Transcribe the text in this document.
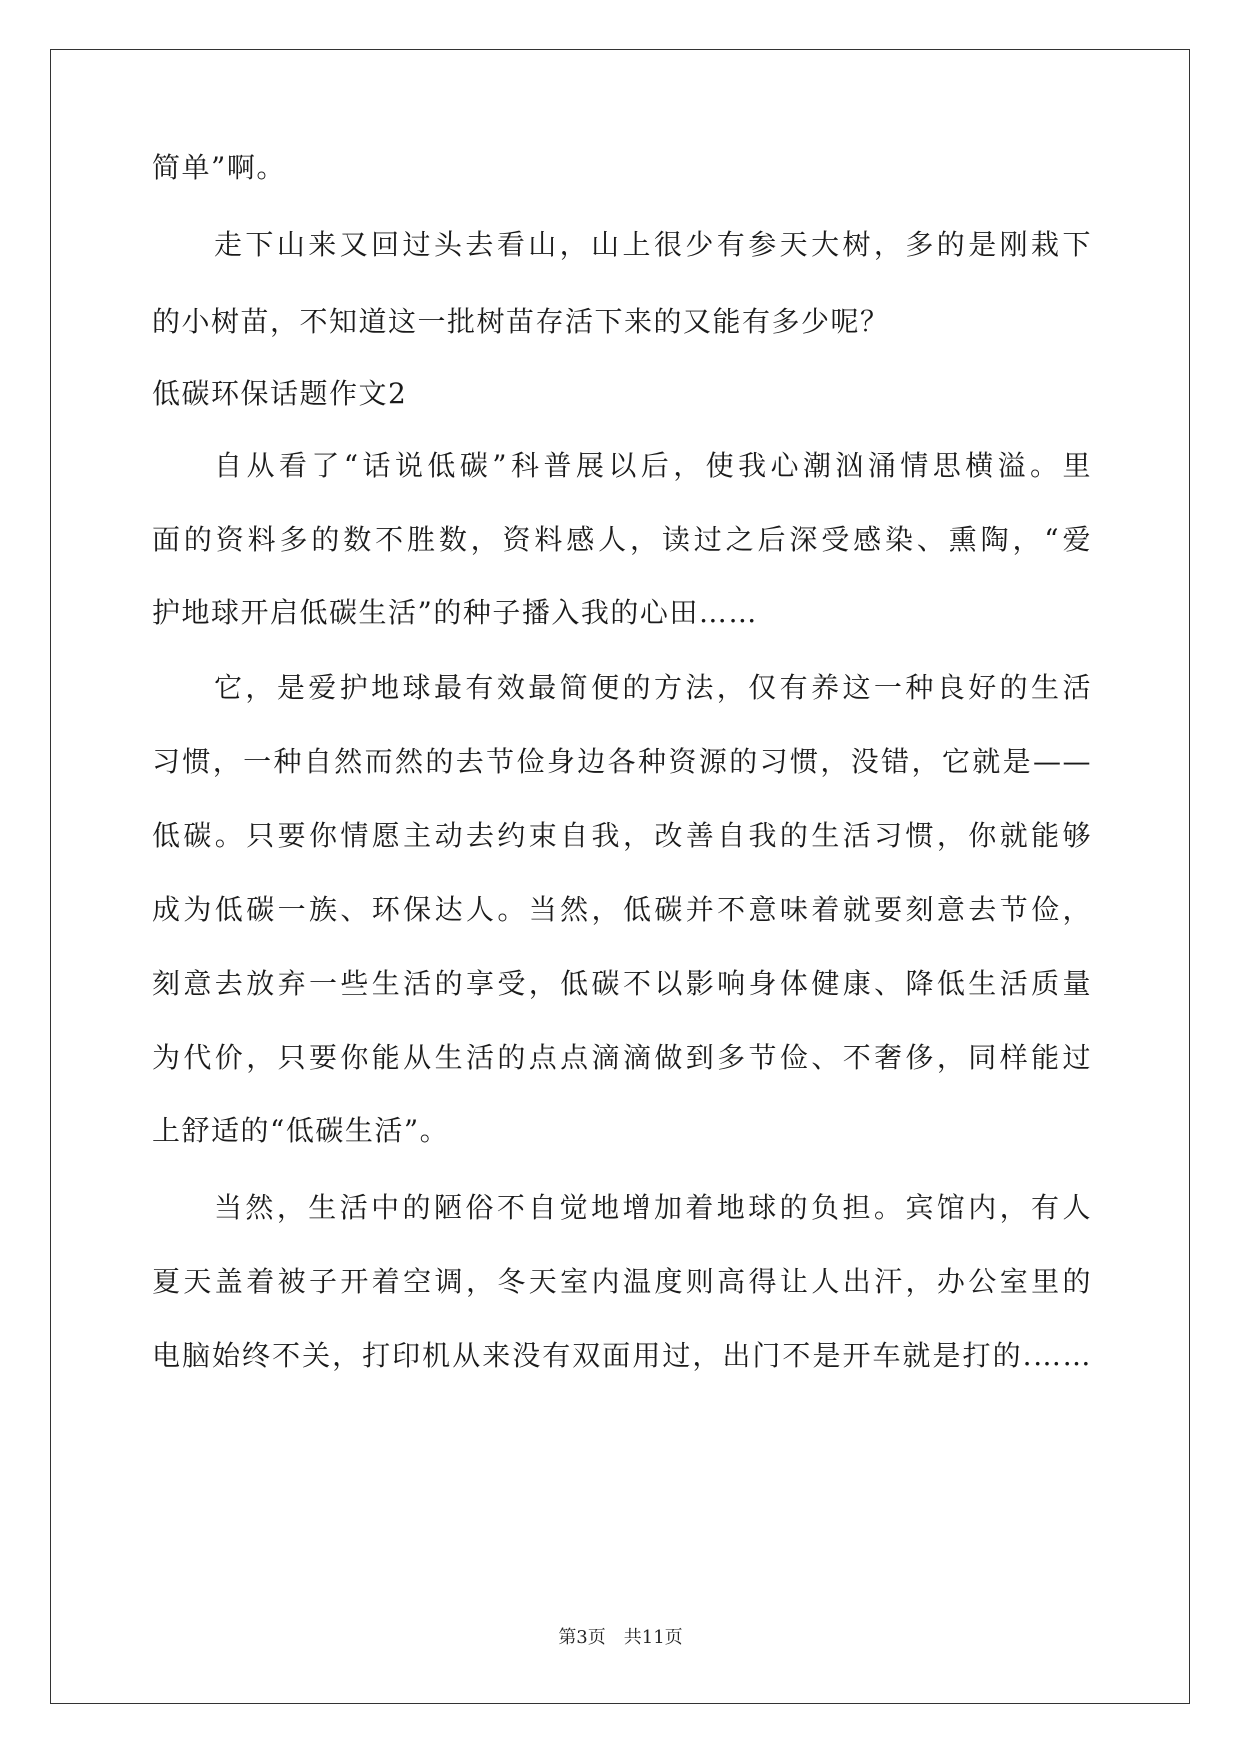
简单”啊。
走下山来又回过头去看山，山上很少有参天大树，多的是刚栽下
的小树苗，不知道这一批树苗存活下来的又能有多少呢？
低碳环保话题作文2
自从看了“话说低碳”科普展以后，使我心潮汹涌情思横溢。里
面的资料多的数不胜数，资料感人，读过之后深受感染、熏陶，“爱
护地球开启低碳生活”的种子播入我的心田……
它，是爱护地球最有效最简便的方法，仅有养这一种良好的生活
习惯，一种自然而然的去节俭身边各种资源的习惯，没错，它就是——
低碳。只要你情愿主动去约束自我，改善自我的生活习惯，你就能够
成为低碳一族、环保达人。当然，低碳并不意味着就要刻意去节俭，
刻意去放弃一些生活的享受，低碳不以影响身体健康、降低生活质量
为代价，只要你能从生活的点点滴滴做到多节俭、不奢侈，同样能过
上舒适的“低碳生活”。
当然，生活中的陋俗不自觉地增加着地球的负担。宾馆内，有人
夏天盖着被子开着空调，冬天室内温度则高得让人出汗，办公室里的
电脑始终不关，打印机从来没有双面用过，出门不是开车就是打的.……
第3页　共11页
